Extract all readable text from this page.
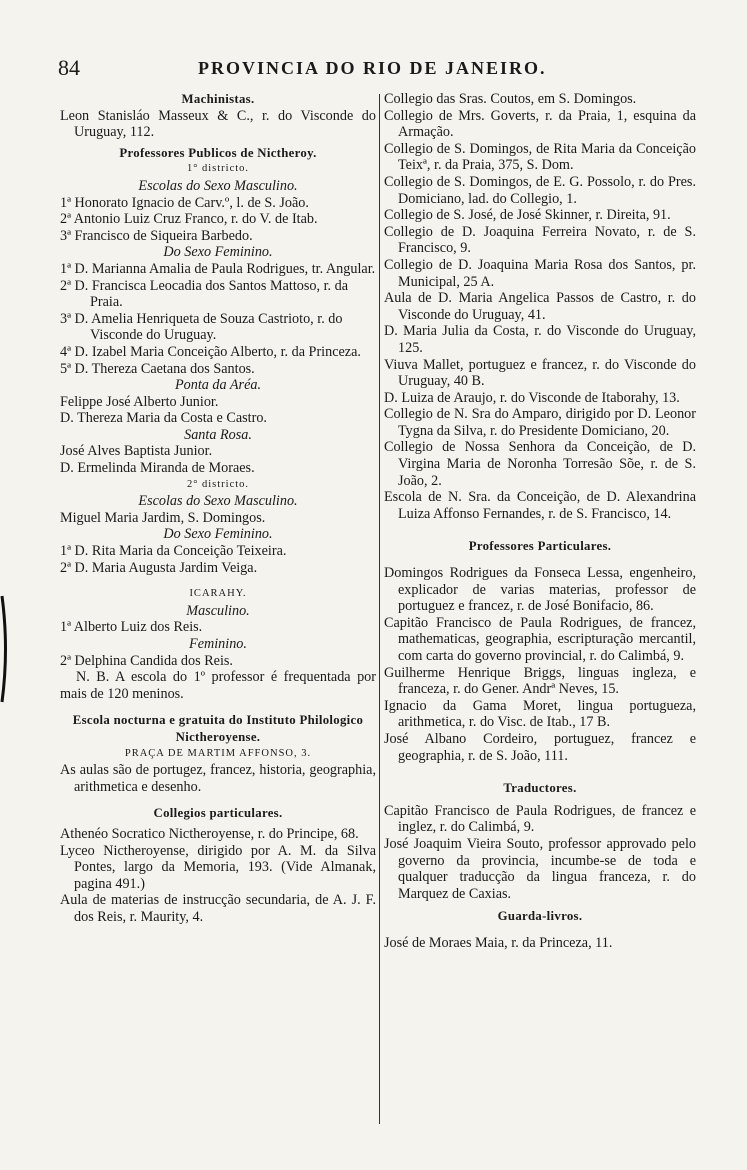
84	PROVINCIA DO RIO DE JANEIRO.
Machinistas.
Leon Stanisláo Masseux & C., r. do Visconde do Uruguay, 112.
Professores Publicos de Nictheroy.
1° districto.
Escolas do Sexo Masculino.
1ª Honorato Ignacio de Carv.º, l. de S. João.
2ª Antonio Luiz Cruz Franco, r. do V. de Itab.
3ª Francisco de Siqueira Barbedo.
Do Sexo Feminino.
1ª D. Marianna Amalia de Paula Rodrigues, tr. Angular.
2ª D. Francisca Leocadia dos Santos Mattoso, r. da Praia.
3ª D. Amelia Henriqueta de Souza Castrioto, r. do Visconde do Uruguay.
4ª D. Izabel Maria Conceição Alberto, r. da Princeza.
5ª D. Thereza Caetana dos Santos.
Ponta da Aréa.
Felippe José Alberto Junior.
D. Thereza Maria da Costa e Castro.
Santa Rosa.
José Alves Baptista Junior.
D. Ermelinda Miranda de Moraes.
2° districto.
Escolas do Sexo Masculino.
Miguel Maria Jardim, S. Domingos.
Do Sexo Feminino.
1ª D. Rita Maria da Conceição Teixeira.
2ª D. Maria Augusta Jardim Veiga.
ICARAHY.
Masculino.
1ª Alberto Luiz dos Reis.
Feminino.
2ª Delphina Candida dos Reis.
N. B. A escola do 1º professor é frequentada por mais de 120 meninos.
Escola nocturna e gratuita do Instituto Philologico Nictheroyense.
PRAÇA DE MARTIM AFFONSO, 3.
As aulas são de portugez, francez, historia, geographia, arithmetica e desenho.
Collegios particulares.
Athenéo Socratico Nictheroyense, r. do Principe, 68.
Lyceo Nictheroyense, dirigido por A. M. da Silva Pontes, largo da Memoria, 193. (Vide Almanak, pagina 491.)
Aula de materias de instrucção secundaria, de A. J. F. dos Reis, r. Maurity, 4.
Collegio das Sras. Coutos, em S. Domingos.
Collegio de Mrs. Goverts, r. da Praia, 1, esquina da Armação.
Collegio de S. Domingos, de Rita Maria da Conceição Teixª, r. da Praia, 375, S. Dom.
Collegio de S. Domingos, de E. G. Possolo, r. do Pres. Domiciano, lad. do Collegio, 1.
Collegio de S. José, de José Skinner, r. Direita, 91.
Collegio de D. Joaquina Ferreira Novato, r. de S. Francisco, 9.
Collegio de D. Joaquina Maria Rosa dos Santos, pr. Municipal, 25 A.
Aula de D. Maria Angelica Passos de Castro, r. do Visconde do Uruguay, 41.
D. Maria Julia da Costa, r. do Visconde do Uruguay, 125.
Viuva Mallet, portuguez e francez, r. do Visconde do Uruguay, 40 B.
D. Luiza de Araujo, r. do Visconde de Itaborahy, 13.
Collegio de N. Sra do Amparo, dirigido por D. Leonor Tygna da Silva, r. do Presidente Domiciano, 20.
Collegio de Nossa Senhora da Conceição, de D. Virgina Maria de Noronha Torresão Sõe, r. de S. João, 2.
Escola de N. Sra. da Conceição, de D. Alexandrina Luiza Affonso Fernandes, r. de S. Francisco, 14.
Professores Particulares.
Domingos Rodrigues da Fonseca Lessa, engenheiro, explicador de varias materias, professor de portuguez e francez, r. de José Bonifacio, 86.
Capitão Francisco de Paula Rodrigues, de francez, mathematicas, geographia, escripturação mercantil, com carta do governo provincial, r. do Calimbá, 9.
Guilherme Henrique Briggs, linguas ingleza, e franceza, r. do Gener. Andrª Neves, 15.
Ignacio da Gama Moret, lingua portugueza, arithmetica, r. do Visc. de Itab., 17 B.
José Albano Cordeiro, portuguez, francez e geographia, r. de S. João, 111.
Traductores.
Capitão Francisco de Paula Rodrigues, de francez e inglez, r. do Calimbá, 9.
José Joaquim Vieira Souto, professor approvado pelo governo da provincia, incumbe-se de toda e qualquer traducção da lingua franceza, r. do Marquez de Caxias.
Guarda-livros.
José de Moraes Maia, r. da Princeza, 11.
